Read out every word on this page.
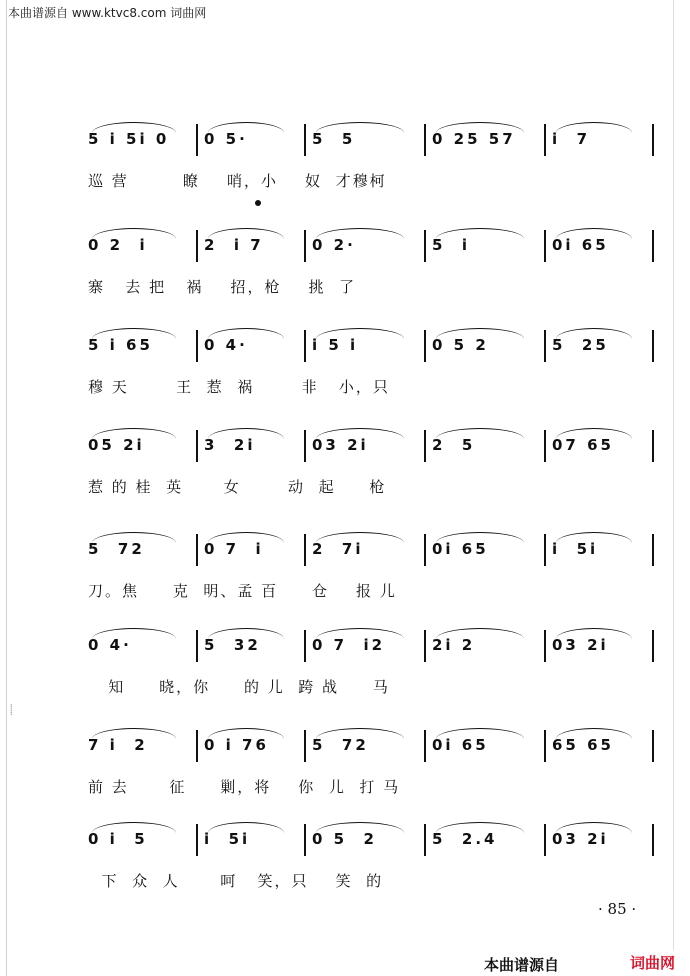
本曲谱源自 www.ktvc8.com 词曲网
⸽
5 i 5i 0 0 5·	5  5	0 25 57 i  7
巡 营        瞭    哨，小    奴  才穆柯
0 2  i	2  i 7	0 2·	5  i	0i 65
寨   去 把   祸    招，枪    挑  了
5 i 65	0 4·	i 5 i	0 5 2	5  25
穆 天       王  惹  祸       非   小，只
05 2i	3  2i	03 2i	2  5	07 65
惹 的 桂  英      女       动  起     枪
5  72	0 7  i	2  7i	0i 65	i  5i
刀。焦     克  明、孟 百     仓    报 儿
0 4·	5  32	0 7  i2	2i 2	03 2i
知     晓，你     的 儿  跨 战     马
7 i  2	0 i 76	5  72	0i 65	65 65
前 去      征     剿，将    你  儿  打 马
0 i  5	i  5i	0 5  2	5  2.4	03 2i
下  众  人      呵   笑，只    笑  的
· 85 ·
本曲谱源自	词曲网
